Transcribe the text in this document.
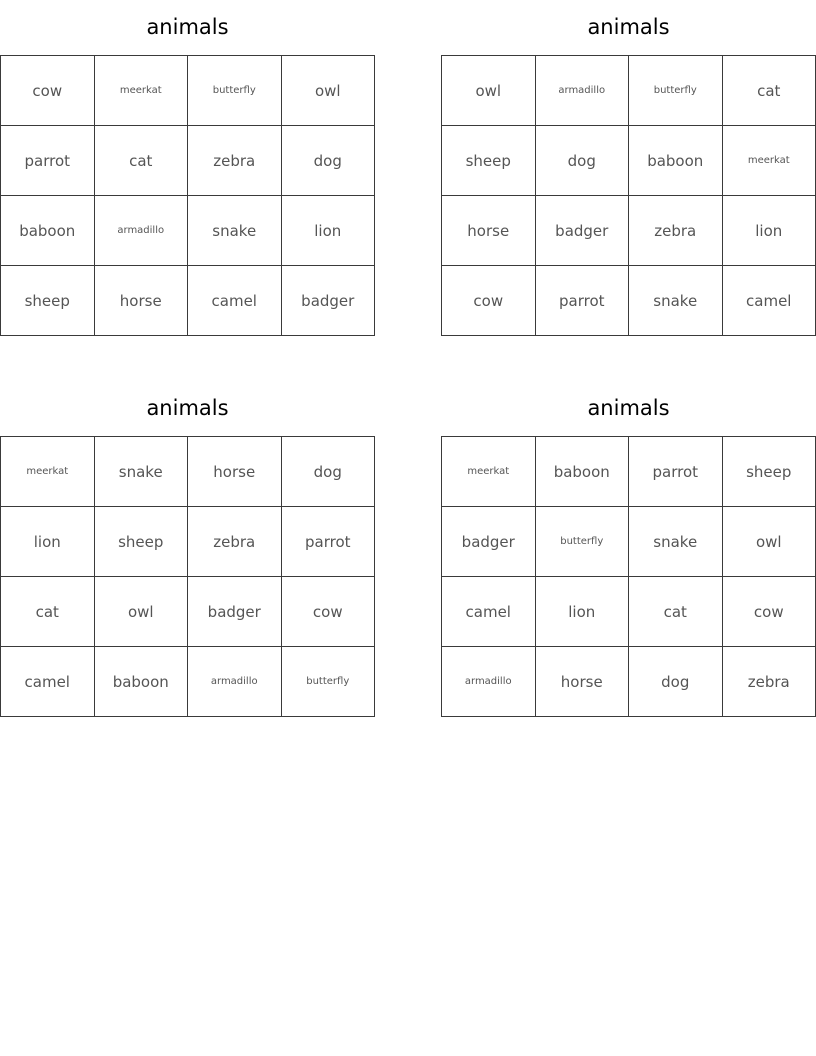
animals
cow	meerkat	butterfly	owl
parrot	cat	zebra	dog
baboon	armadillo	snake	lion
sheep	horse	camel	badger
animals
owl	armadillo	butterfly	cat
sheep	dog	baboon	meerkat
horse	badger	zebra	lion
cow	parrot	snake	camel
animals
meerkat	snake	horse	dog
lion	sheep	zebra	parrot
cat	owl	badger	cow
camel	baboon	armadillo	butterfly
animals
meerkat	baboon	parrot	sheep
badger	butterfly	snake	owl
camel	lion	cat	cow
armadillo	horse	dog	zebra
